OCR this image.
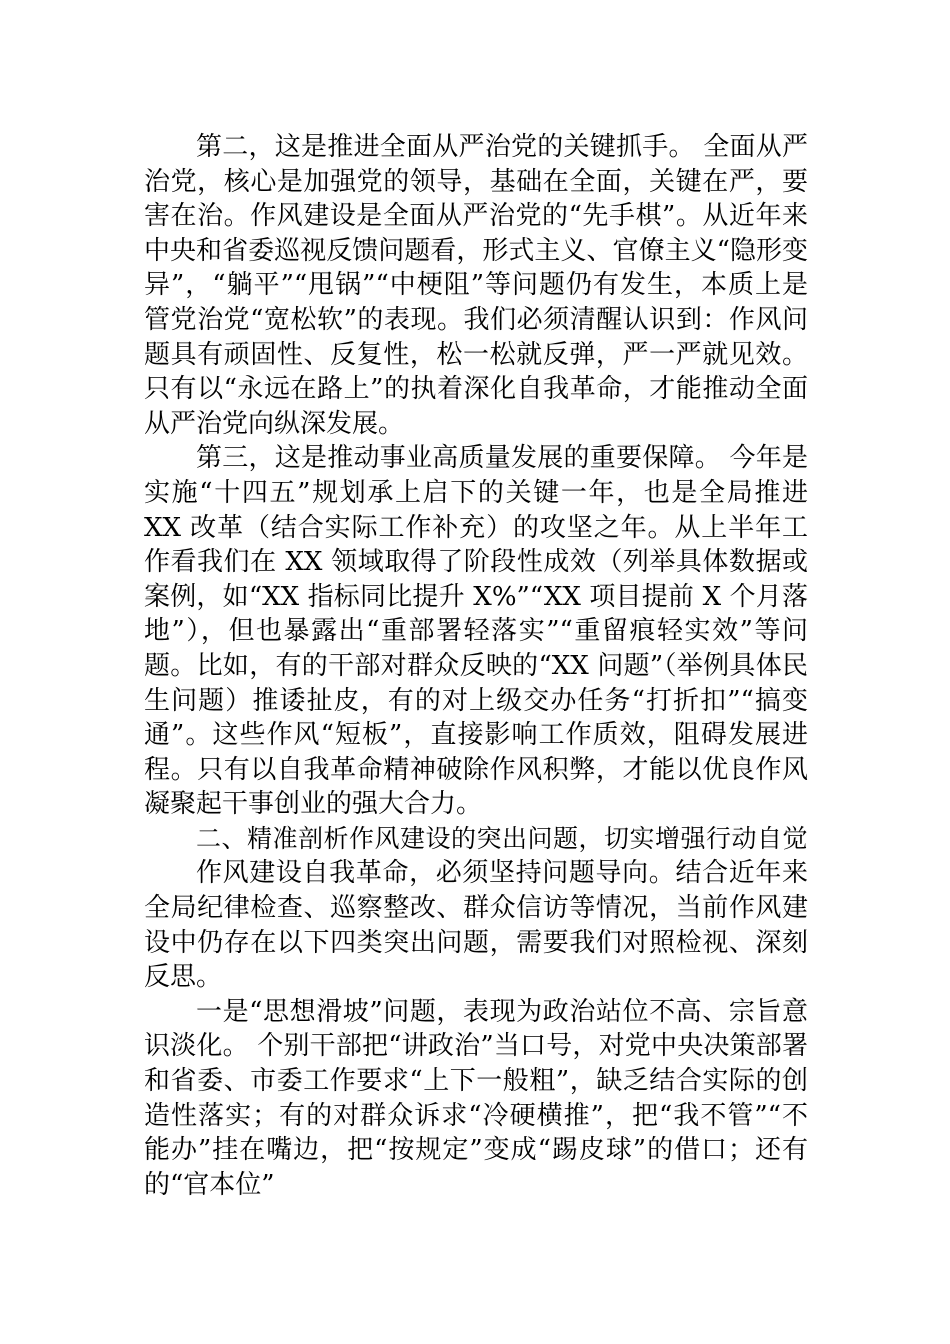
第二，这是推进全面从严治党的关键抓手。 全面从严治党，核心是加强党的领导，基础在全面，关键在严，要害在治。作风建设是全面从严治党的“先手棋”。从近年来中央和省委巡视反馈问题看，形式主义、官僚主义“隐形变异”，“躺平”“甩锅”“中梗阻”等问题仍有发生，本质上是管党治党“宽松软”的表现。我们必须清醒认识到：作风问题具有顽固性、反复性，松一松就反弹，严一严就见效。只有以“永远在路上”的执着深化自我革命，才能推动全面从严治党向纵深发展。

第三，这是推动事业高质量发展的重要保障。 今年是实施“十四五”规划承上启下的关键一年，也是全局推进 XX 改革（结合实际工作补充）的攻坚之年。从上半年工作看我们在 XX 领域取得了阶段性成效（列举具体数据或案例，如“XX 指标同比提升 X%”“XX 项目提前 X 个月落地”），但也暴露出“重部署轻落实”“重留痕轻实效”等问题。比如，有的干部对群众反映的“XX 问题”（举例具体民生问题）推诿扯皮，有的对上级交办任务“打折扣”“搞变通”。这些作风“短板”，直接影响工作质效，阻碍发展进程。只有以自我革命精神破除作风积弊，才能以优良作风凝聚起干事创业的强大合力。

二、精准剖析作风建设的突出问题，切实增强行动自觉

作风建设自我革命，必须坚持问题导向。结合近年来全局纪律检查、巡察整改、群众信访等情况，当前作风建设中仍存在以下四类突出问题，需要我们对照检视、深刻反思。

一是“思想滑坡”问题，表现为政治站位不高、宗旨意识淡化。 个别干部把“讲政治”当口号，对党中央决策部署和省委、市委工作要求“上下一般粗”，缺乏结合实际的创造性落实；有的对群众诉求“冷硬横推”，把“我不管”“不能办”挂在嘴边，把“按规定”变成“踢皮球”的借口；还有的“官本位”
